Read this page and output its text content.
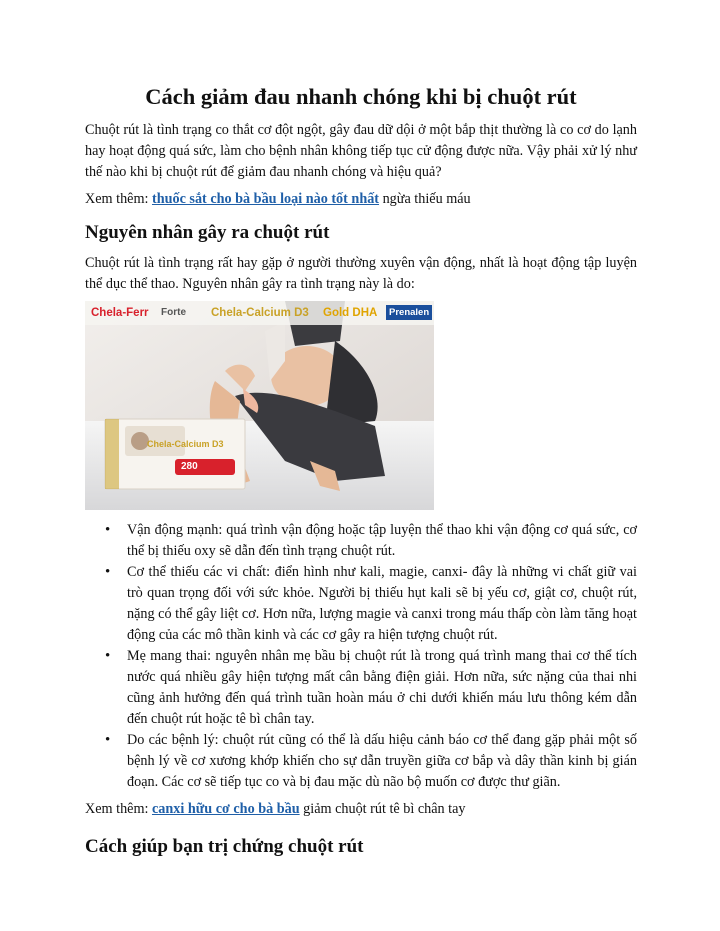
Cách giảm đau nhanh chóng khi bị chuột rút

Chuột rút là tình trạng co thắt cơ đột ngột, gây đau dữ dội ở một bắp thịt thường là co cơ do lạnh hay hoạt động quá sức, làm cho bệnh nhân không tiếp tục cử động được nữa. Vậy phải xử lý như thế nào khi bị chuột rút để giảm đau nhanh chóng và hiệu quả?

Xem thêm: thuốc sắt cho bà bầu loại nào tốt nhất ngừa thiếu máu

Nguyên nhân gây ra chuột rút

Chuột rút là tình trạng rất hay gặp ở người thường xuyên vận động, nhất là hoạt động tập luyện thể dục thể thao. Nguyên nhân gây ra tình trạng này là do:

Chela-Ferr Forte Chela-Calcium D3 Gold DHA	Prenalen
Chela-Calcium D3
280
• Vận động mạnh: quá trình vận động hoặc tập luyện thể thao khi vận động cơ quá sức, cơ thể bị thiếu oxy sẽ dẫn đến tình trạng chuột rút.
• Cơ thể thiếu các vi chất: điển hình như kali, magie, canxi- đây là những vi chất giữ vai trò quan trọng đối với sức khỏe. Người bị thiếu hụt kali sẽ bị yếu cơ, giật cơ, chuột rút, nặng có thể gây liệt cơ. Hơn nữa, lượng magie và canxi trong máu thấp còn làm tăng hoạt động của các mô thần kinh và các cơ gây ra hiện tượng chuột rút.
• Mẹ mang thai: nguyên nhân mẹ bầu bị chuột rút là trong quá trình mang thai cơ thể tích nước quá nhiều gây hiện tượng mất cân bằng điện giải. Hơn nữa, sức nặng của thai nhi cũng ảnh hưởng đến quá trình tuần hoàn máu ở chi dưới khiến máu lưu thông kém dẫn đến chuột rút hoặc tê bì chân tay.
• Do các bệnh lý: chuột rút cũng có thể là dấu hiệu cảnh báo cơ thể đang gặp phải một số bệnh lý về cơ xương khớp khiến cho sự dẫn truyền giữa cơ bắp và dây thần kinh bị gián đoạn. Các cơ sẽ tiếp tục co và bị đau mặc dù não bộ muốn cơ được thư giãn.

Xem thêm: canxi hữu cơ cho bà bầu giảm chuột rút tê bì chân tay

Cách giúp bạn trị chứng chuột rút
